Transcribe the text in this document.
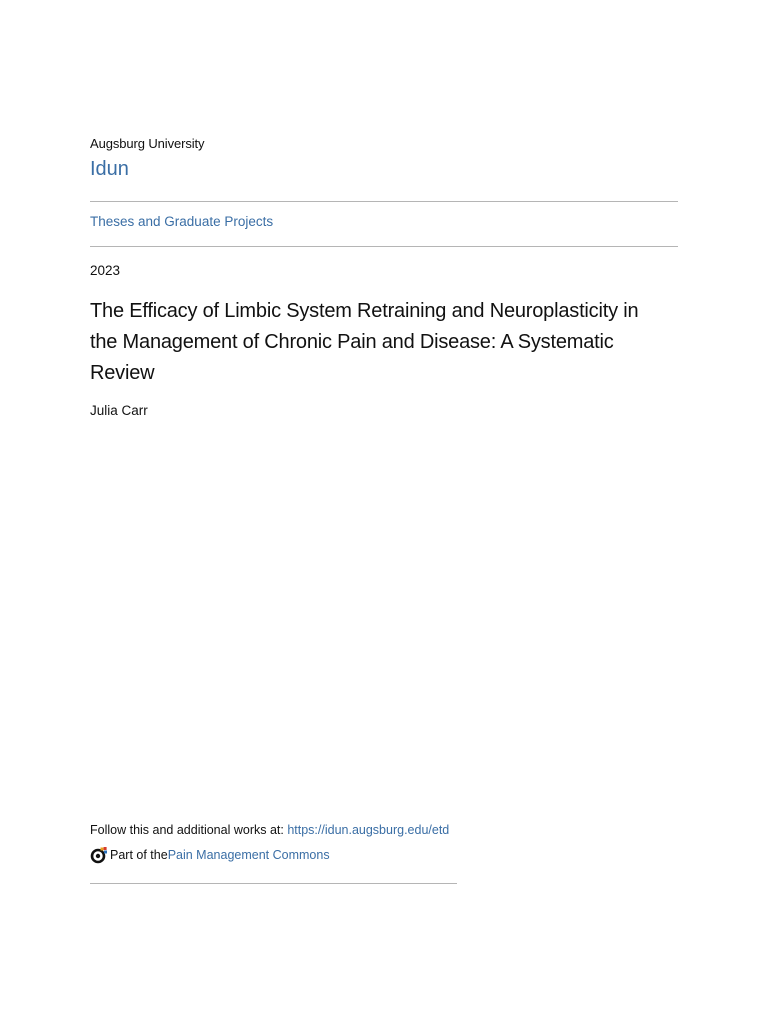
Augsburg University
Idun
Theses and Graduate Projects
2023
The Efficacy of Limbic System Retraining and Neuroplasticity in the Management of Chronic Pain and Disease: A Systematic Review
Julia Carr
Follow this and additional works at: https://idun.augsburg.edu/etd
Part of the Pain Management Commons
